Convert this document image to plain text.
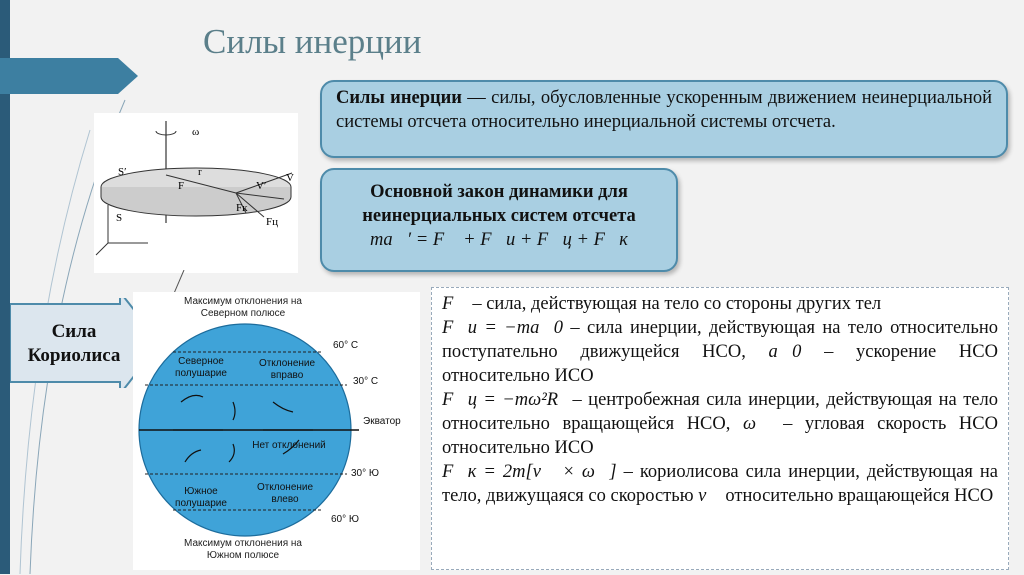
Силы инерции
Силы инерции — силы, обусловленные ускоренным движением неинерциальной системы отсчета относительно инерциальной системы отсчета.
Основной закон динамики для
неинерциальных систем отсчета
ma⃗′ = F⃗ + F⃗и + F⃗ц + F⃗к
ω
S′	r
F
V
V′
Fк
Fц
S
Сила
Кориолиса
Максимум отклонения на
Северном полюсе
Максимум отклонения на
Южном полюсе
60° С
30° С
Экватор
30° Ю
60° Ю
Северное
полушарие
Отклонение
вправо
Нет отклонений
Южное
полушарие
Отклонение
влево
F⃗ – сила, действующая на тело со стороны других тел
F⃗и = −ma⃗0 – сила инерции, действующая на тело относительно поступательно движущейся НСО, a⃗0 – ускорение НСО относительно ИСО
F⃗ц = −mω²R⃗– центробежная сила инерции, действующая на тело относительно вращающейся НСО, ω⃗ – угловая скорость НСО относительно ИСО
F⃗к = 2m[v⃗ × ω⃗] – кориолисова сила инерции, действующая на тело, движущаяся со скоростью v⃗ относительно вращающейся НСО
